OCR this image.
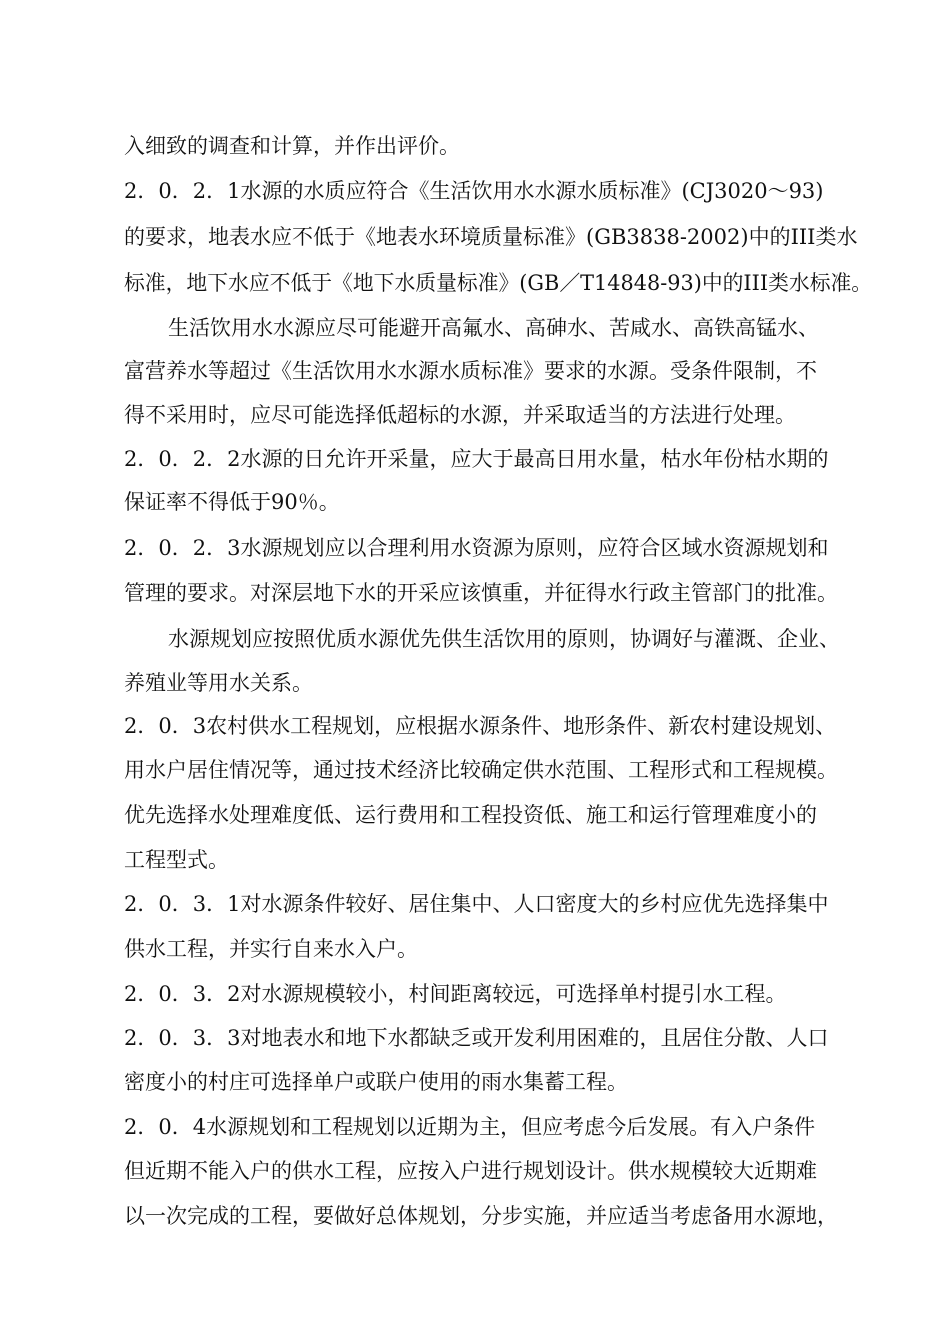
入细致的调查和计算，并作出评价。
2．0．2．1水源的水质应符合《生活饮用水水源水质标准》(CJ3020～93)
的要求，地表水应不低于《地表水环境质量标准》(GB3838-2002)中的III类水
标准，地下水应不低于《地下水质量标准》(GB／T14848-93)中的III类水标准。
生活饮用水水源应尽可能避开高氟水、高砷水、苦咸水、高铁高锰水、
富营养水等超过《生活饮用水水源水质标准》要求的水源。受条件限制，不
得不采用时，应尽可能选择低超标的水源，并采取适当的方法进行处理。
2．0．2．2水源的日允许开采量，应大于最高日用水量，枯水年份枯水期的
保证率不得低于90％。
2．0．2．3水源规划应以合理利用水资源为原则，应符合区域水资源规划和
管理的要求。对深层地下水的开采应该慎重，并征得水行政主管部门的批准。
水源规划应按照优质水源优先供生活饮用的原则，协调好与灌溉、企业、
养殖业等用水关系。
2．0．3农村供水工程规划，应根据水源条件、地形条件、新农村建设规划、
用水户居住情况等，通过技术经济比较确定供水范围、工程形式和工程规模。
优先选择水处理难度低、运行费用和工程投资低、施工和运行管理难度小的
工程型式。
2．0．3．1对水源条件较好、居住集中、人口密度大的乡村应优先选择集中
供水工程，并实行自来水入户。
2．0．3．2对水源规模较小，村间距离较远，可选择单村提引水工程。
2．0．3．3对地表水和地下水都缺乏或开发利用困难的，且居住分散、人口
密度小的村庄可选择单户或联户使用的雨水集蓄工程。
2．0．4水源规划和工程规划以近期为主，但应考虑今后发展。有入户条件
但近期不能入户的供水工程，应按入户进行规划设计。供水规模较大近期难
以一次完成的工程，要做好总体规划，分步实施，并应适当考虑备用水源地，
